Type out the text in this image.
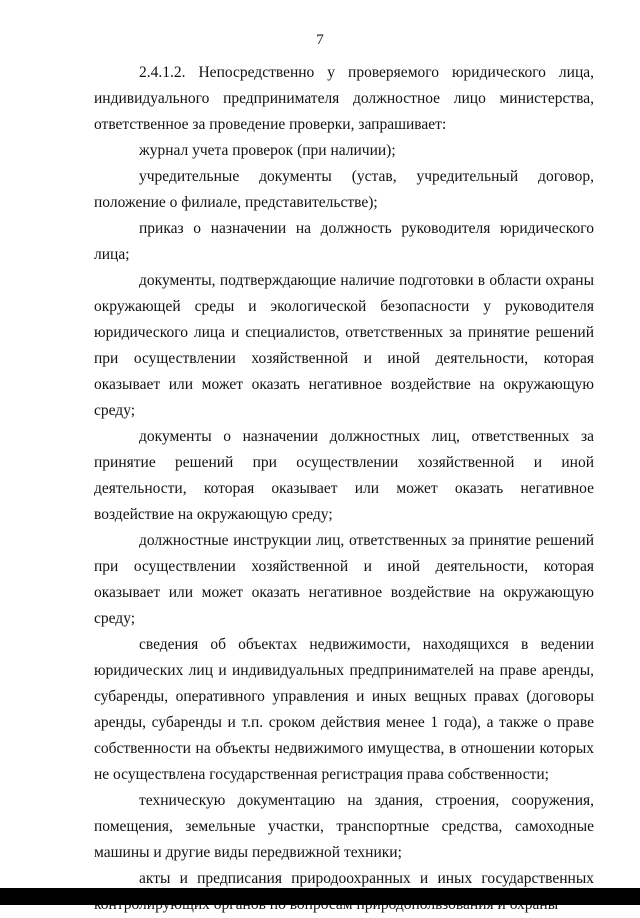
7

2.4.1.2. Непосредственно у проверяемого юридического лица, индивидуального предпринимателя должностное лицо министерства, ответственное за проведение проверки, запрашивает:

журнал учета проверок (при наличии);

учредительные документы (устав, учредительный договор, положение о филиале, представительстве);

приказ о назначении на должность руководителя юридического лица;

документы, подтверждающие наличие подготовки в области охраны окружающей среды и экологической безопасности у руководителя юридического лица и специалистов, ответственных за принятие решений при осуществлении хозяйственной и иной деятельности, которая оказывает или может оказать негативное воздействие на окружающую среду;

документы о назначении должностных лиц, ответственных за принятие решений при осуществлении хозяйственной и иной деятельности, которая оказывает или может оказать негативное воздействие на окружающую среду;

должностные инструкции лиц, ответственных за принятие решений при осуществлении хозяйственной и иной деятельности, которая оказывает или может оказать негативное воздействие на окружающую среду;

сведения об объектах недвижимости, находящихся в ведении юридических лиц и индивидуальных предпринимателей на праве аренды, субаренды, оперативного управления и иных вещных правах (договоры аренды, субаренды и т.п. сроком действия менее 1 года), а также о праве собственности на объекты недвижимого имущества, в отношении которых не осуществлена государственная регистрация права собственности;

техническую документацию на здания, строения, сооружения, помещения, земельные участки, транспортные средства, самоходные машины и другие виды передвижной техники;

акты и предписания природоохранных и иных государственных
